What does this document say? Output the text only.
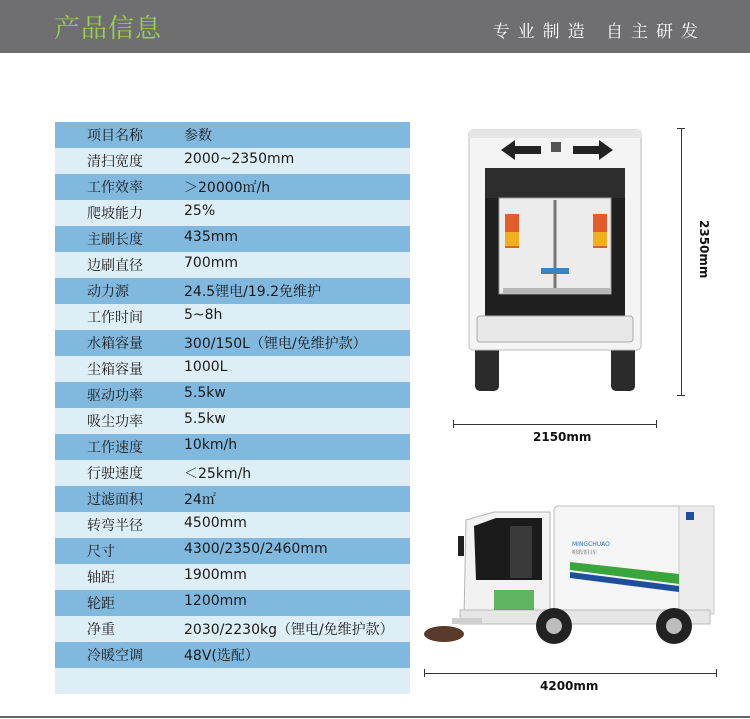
产品信息	专业制造 自主研发
项目名称	参数
清扫宽度	2000~2350mm
工作效率	＞20000㎡/h
爬坡能力	25%
主刷长度	435mm
边刷直径	700mm
动力源	24.5锂电/19.2免维护
工作时间	5~8h
水箱容量	300/150L（锂电/免维护款）
尘箱容量	1000L
驱动功率	5.5kw
吸尘功率	5.5kw
工作速度	10km/h
行驶速度	＜25km/h
过滤面积	24㎡
转弯半径	4500mm
尺寸	4300/2350/2460mm
轴距	1900mm
轮距	1200mm
净重	2030/2230kg（锂电/免维护款）
冷暖空调	48V(选配）
2350mm
2150mm
MINGCHUAO
明诺清扫车
4200mm
